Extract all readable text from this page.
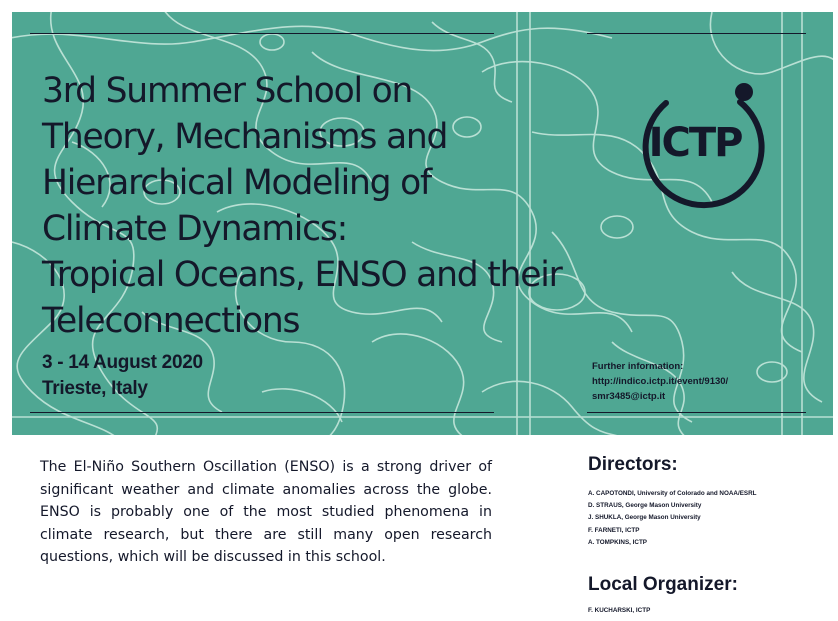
3rd Summer School on
Theory, Mechanisms and
Hierarchical Modeling of
Climate Dynamics:
Tropical Oceans, ENSO and their
Teleconnections
3 - 14 August 2020
Trieste, Italy
Further information:
http://indico.ictp.it/event/9130/
smr3485@ictp.it
ICTP

The El-Niño Southern Oscillation (ENSO) is a strong driver of significant weather and climate anomalies across the globe. ENSO is probably one of the most studied phenomena in climate research, but there are still many open research questions, which will be discussed in this school.

Directors:
A. CAPOTONDI, University of Colorado and NOAA/ESRL
D. STRAUS, George Mason University
J. SHUKLA, George Mason University
F. FARNETI, ICTP
A. TOMPKINS, ICTP
Local Organizer:
F. KUCHARSKI, ICTP
